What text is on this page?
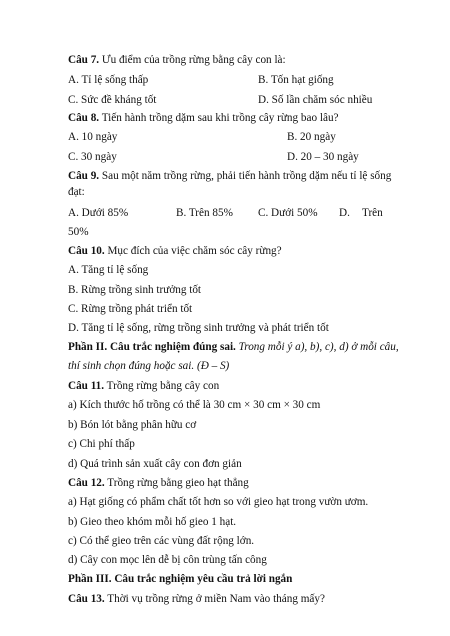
Câu 7. Ưu điểm của trồng rừng bằng cây con là:
A. Tỉ lệ sống thấp	B. Tốn hạt giống
C. Sức đề kháng tốt	D. Số lần chăm sóc nhiều
Câu 8. Tiến hành trồng dặm sau khi trồng cây rừng bao lâu?
A. 10 ngày	B. 20 ngày
C. 30 ngày	D. 20 – 30 ngày
Câu 9. Sau một năm trồng rừng, phải tiến hành trồng dặm nếu tỉ lệ sống
đạt:
A. Dưới 85%	B. Trên 85% C. Dưới 50% D. Trên
50%
Câu 10. Mục đích của việc chăm sóc cây rừng?
A. Tăng tỉ lệ sống
B. Rừng trồng sinh trưởng tốt
C. Rừng trồng phát triển tốt
D. Tăng tỉ lệ sống, rừng trồng sinh trưởng và phát triển tốt
Phần II. Câu trắc nghiệm đúng sai. Trong mỗi ý a), b), c), d) ở mỗi câu,
thí sinh chọn đúng hoặc sai. (Đ – S)
Câu 11. Trồng rừng bằng cây con
a) Kích thước hố trồng có thể là 30 cm × 30 cm × 30 cm
b) Bón lót bằng phân hữu cơ
c) Chi phí thấp
d) Quá trình sản xuất cây con đơn giản
Câu 12. Trồng rừng bằng gieo hạt thẳng
a) Hạt giống có phẩm chất tốt hơn so với gieo hạt trong vườn ươm.
b) Gieo theo khóm mỗi hố gieo 1 hạt.
c) Có thể gieo trên các vùng đất rộng lớn.
d) Cây con mọc lên dễ bị côn trùng tấn công
Phần III. Câu trắc nghiệm yêu cầu trả lời ngắn
Câu 13. Thời vụ trồng rừng ở miền Nam vào tháng mấy?
